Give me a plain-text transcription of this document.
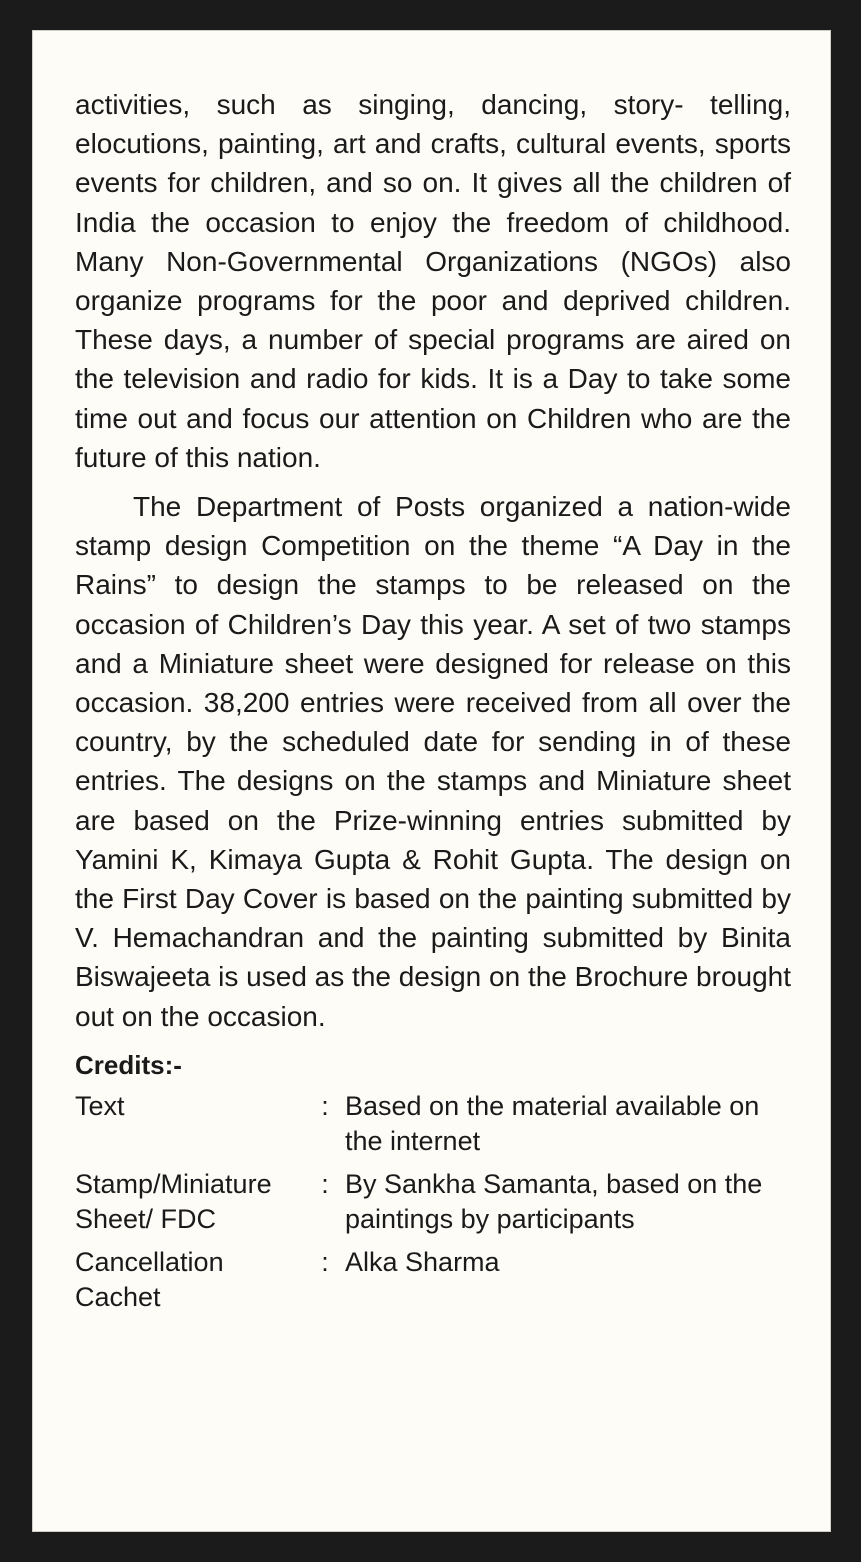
activities, such as singing, dancing, story- telling, elocutions, painting, art and crafts, cultural events, sports events for children, and so on. It gives all the children of India the occasion to enjoy the freedom of childhood. Many Non-Governmental Organizations (NGOs) also organize programs for the poor and deprived children. These days, a number of special programs are aired on the television and radio for kids. It is a Day to take some time out and focus our attention on Children who are the future of this nation.

The Department of Posts organized a nation-wide stamp design Competition on the theme “A Day in the Rains” to design the stamps to be released on the occasion of Children’s Day this year. A set of two stamps and a Miniature sheet were designed for release on this occasion. 38,200 entries were received from all over the country, by the scheduled date for sending in of these entries. The designs on the stamps and Miniature sheet are based on the Prize-winning entries submitted by Yamini K, Kimaya Gupta & Rohit Gupta. The design on the First Day Cover is based on the painting submitted by V. Hemachandran and the painting submitted by Binita Biswajeeta is used as the design on the Brochure brought out on the occasion.

Credits:-
Text	: Based on the material available on the internet
Stamp/Miniature Sheet/ FDC
: By Sankha Samanta, based on the paintings by participants
Cancellation Cachet
: Alka Sharma
